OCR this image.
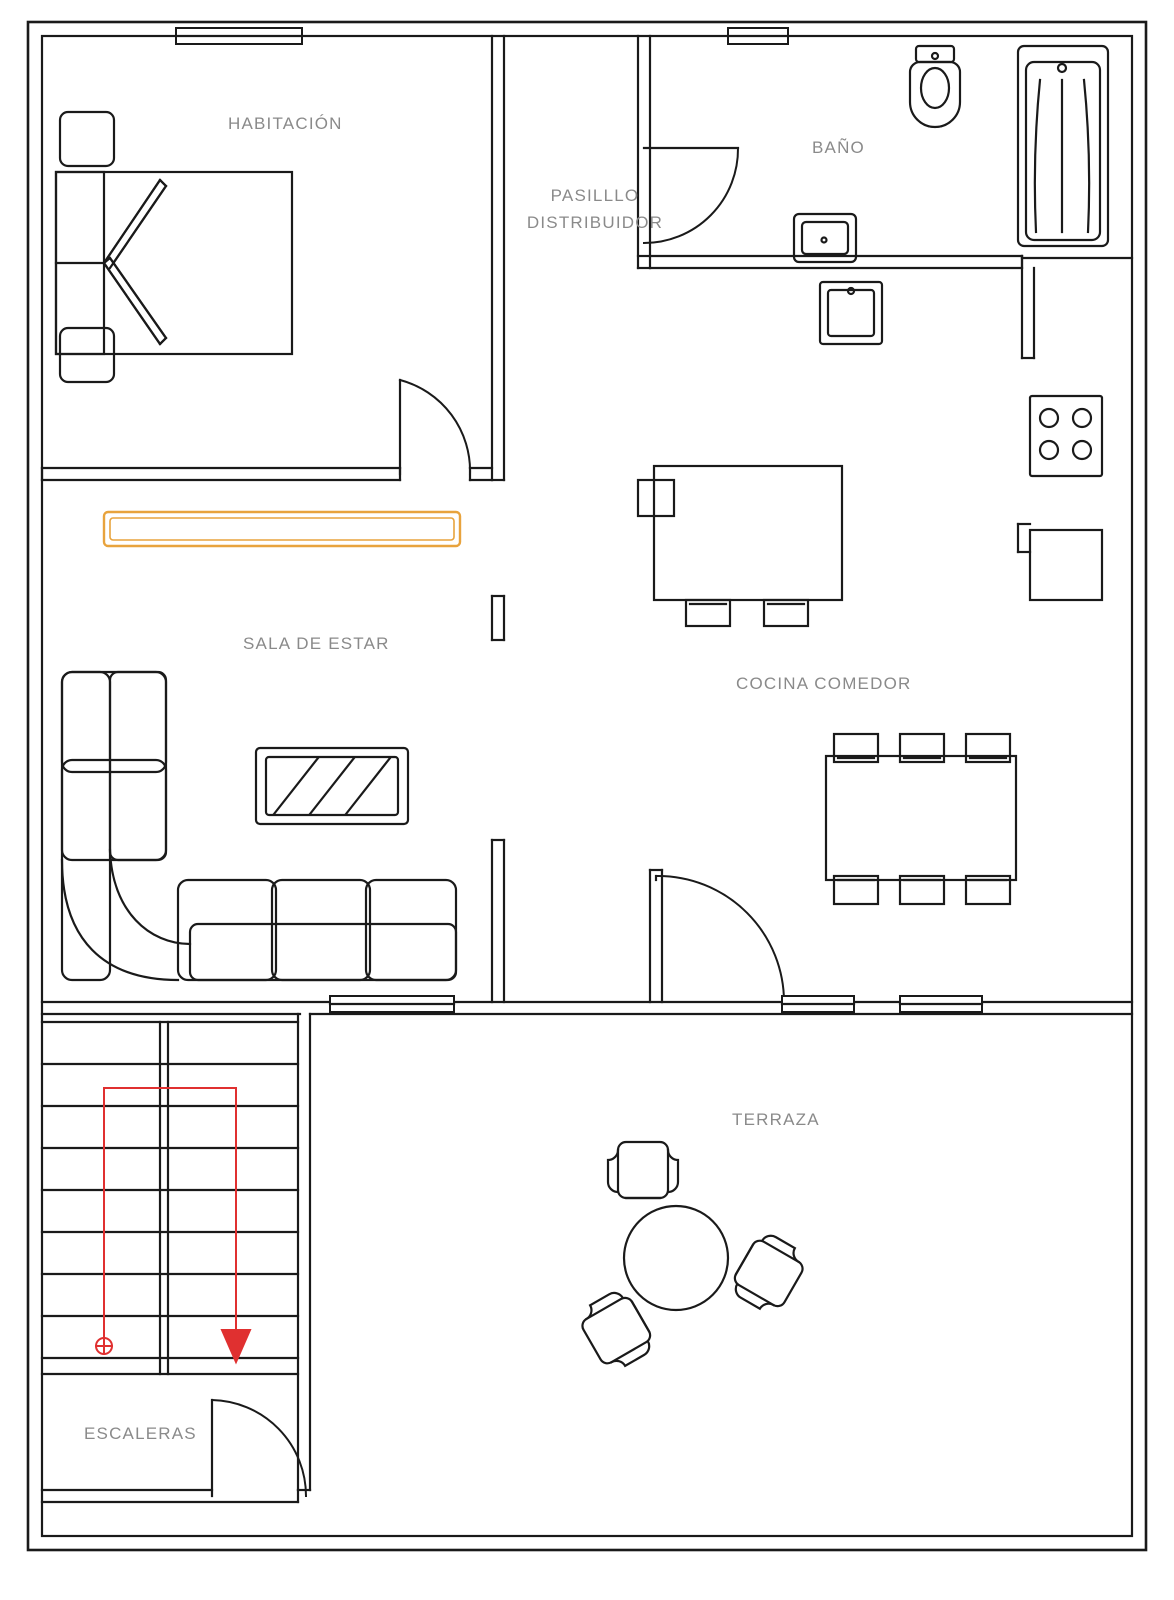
HABITACIÓN
PASILLLO
DISTRIBUIDOR
BAÑO
SALA DE ESTAR
COCINA COMEDOR
TERRAZA
ESCALERAS
